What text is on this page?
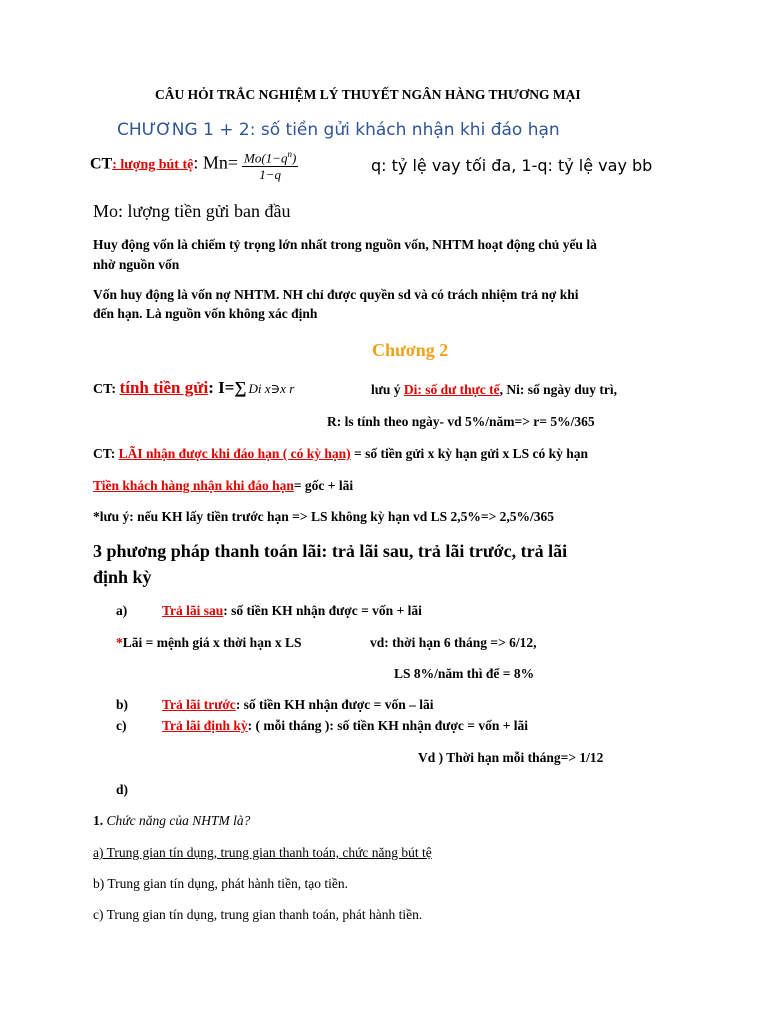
CÂU HỎI TRẮC NGHIỆM LÝ THUYẾT NGÂN HÀNG THƯƠNG MẠI
CHƯƠNG 1 + 2: số tiền gửi khách nhận khi đáo hạn
CT: lượng bút tệ: $Mn= \frac{Mo(1-q^n)}{1-q}$	q: tỷ lệ vay tối đa, 1-q: tỷ lệ vay bb
Mo: lượng tiền gửi ban đầu
Huy động vốn là chiếm tỷ trọng lớn nhất trong nguồn vốn, NHTM hoạt động chủ yếu là
nhờ nguồn vốn
Vốn huy động là vốn nợ NHTM. NH chỉ được quyền sd và có trách nhiệm trả nợ khi
đến hạn. Là nguồn vốn không xác định
Chương 2
CT: tính tiền gửi: I=∑ Di x∋x r	lưu ý Di: số dư thực tế, Ni: số ngày duy trì,
R: ls tính theo ngày- vd 5%/năm=> r= 5%/365
CT: LÃI nhận được khi đáo hạn ( có kỳ hạn) = số tiền gửi x kỳ hạn gửi x LS có kỳ hạn
Tiền khách hàng nhận khi đáo hạn= gốc + lãi
*lưu ý: nếu KH lấy tiền trước hạn => LS không kỳ hạn vd LS 2,5%=> 2,5%/365
3 phương pháp thanh toán lãi: trả lãi sau, trả lãi trước, trả lãi
định kỳ
a)	Trả lãi sau: số tiền KH nhận được = vốn + lãi
*Lãi = mệnh giá x thời hạn x LS	vd: thời hạn 6 tháng => 6/12,
LS 8%/năm thì để = 8%
b)	Trả lãi trước: số tiền KH nhận được = vốn – lãi
c)	Trả lãi định kỳ: ( mỗi tháng ): số tiền KH nhận được = vốn + lãi
Vd ) Thời hạn mỗi tháng=> 1/12
d)
1. Chức năng của NHTM là?
a) Trung gian tín dụng, trung gian thanh toán, chức năng bút tệ
b) Trung gian tín dụng, phát hành tiền, tạo tiền.
c) Trung gian tín dụng, trung gian thanh toán, phát hành tiền.
